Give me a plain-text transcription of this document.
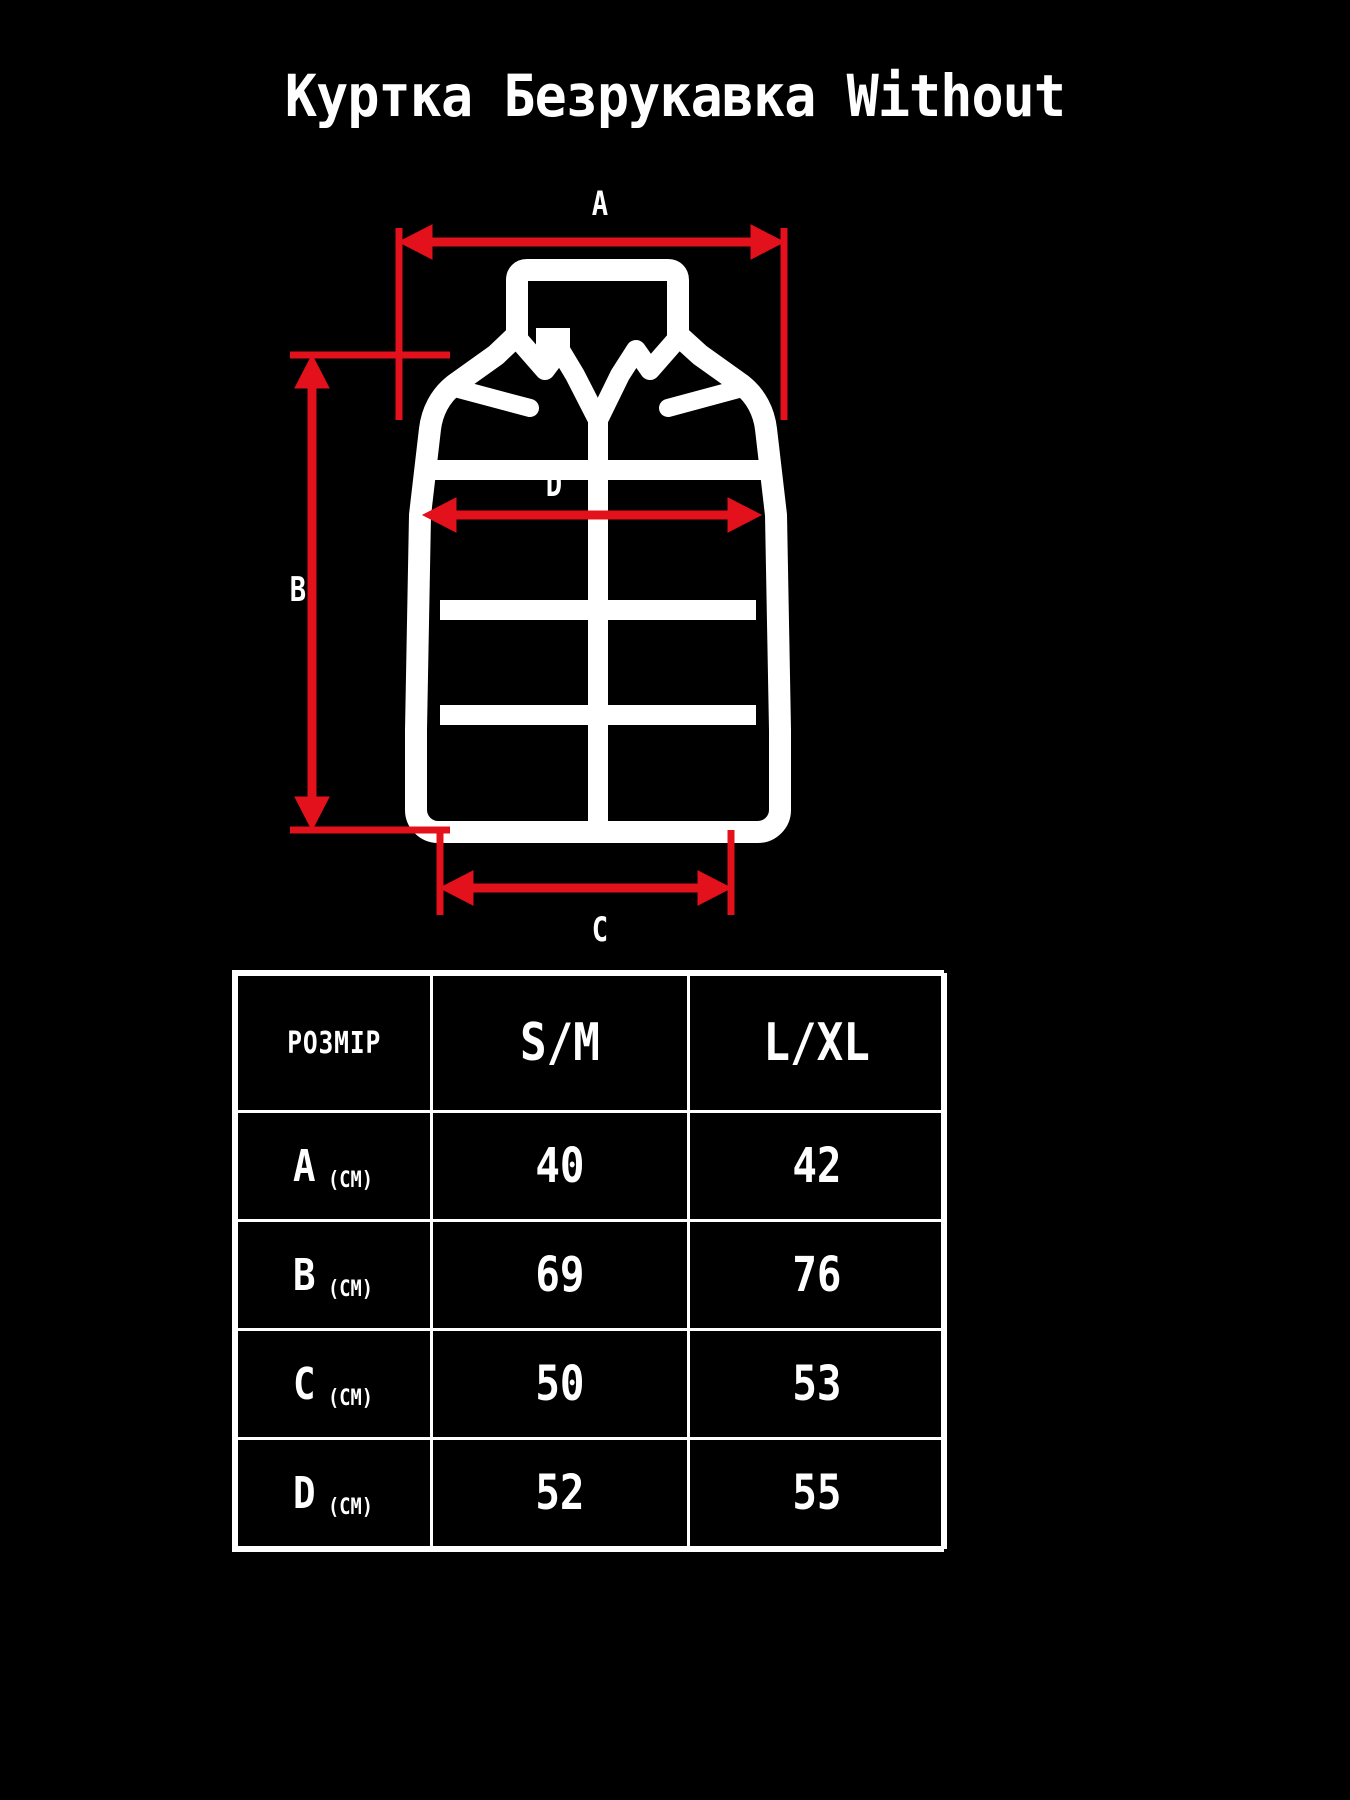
Куртка Безрукавка Without
A
B
D
C
РОЗМІР	S/M	L/XL
A (CM)	40	42
B (CM)	69	76
C (CM)	50	53
D (CM)	52	55
